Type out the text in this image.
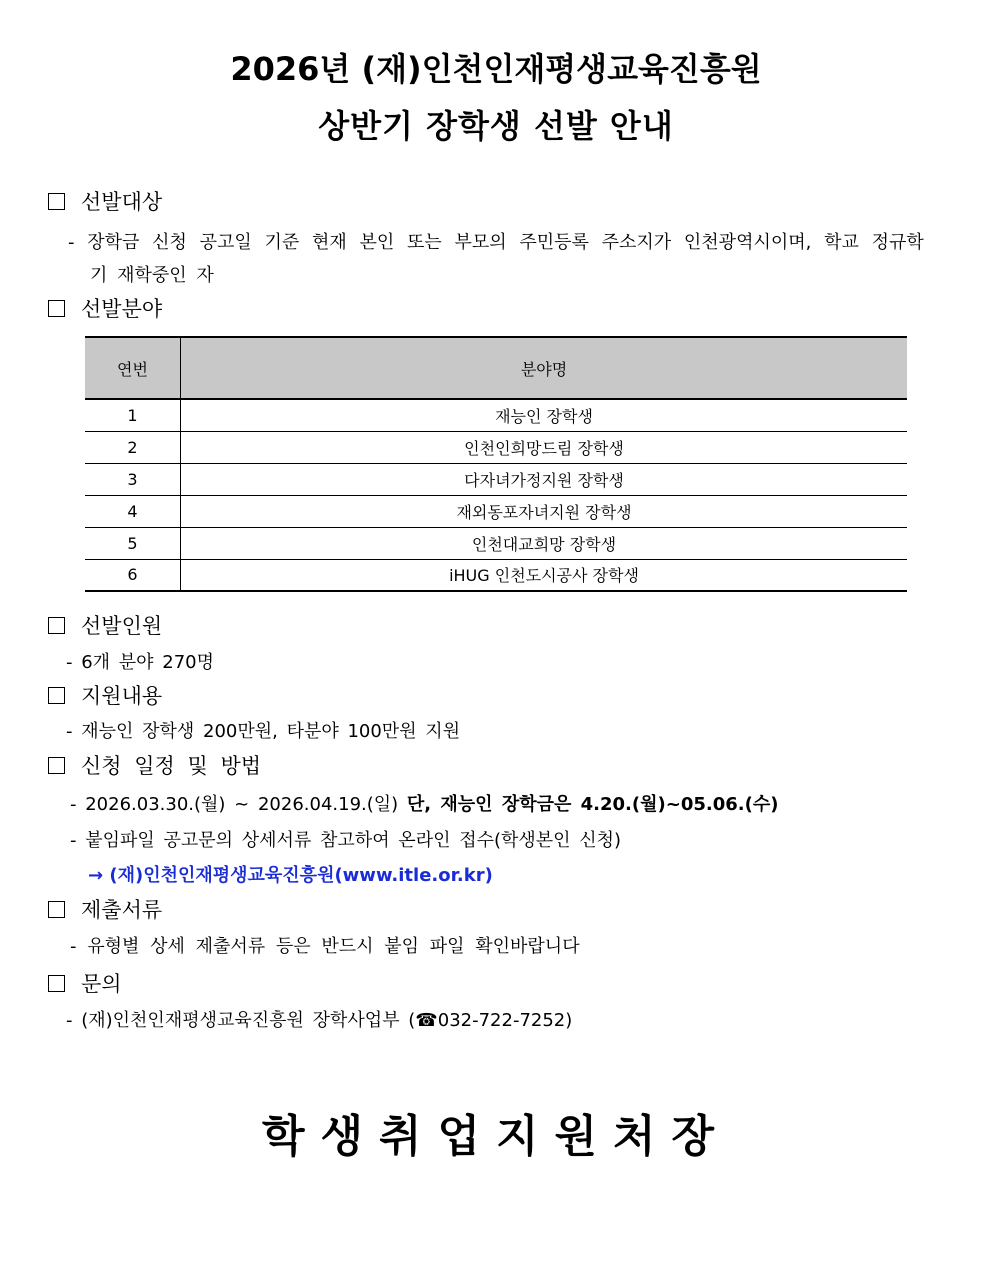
2026년 (재)인천인재평생교육진흥원
상반기 장학생 선발 안내
선발대상
- 장학금 신청 공고일 기준 현재 본인 또는 부모의 주민등록 주소지가 인천광역시이며, 학교 정규학
기 재학중인 자
선발분야
연번	분야명
1	재능인 장학생
2	인천인희망드림 장학생
3	다자녀가정지원 장학생
4	재외동포자녀지원 장학생
5	인천대교희망 장학생
6	iHUG 인천도시공사 장학생
선발인원
- 6개 분야 270명
지원내용
- 재능인 장학생 200만원, 타분야 100만원 지원
신청 일정 및 방법
- 2026.03.30.(월) ~ 2026.04.19.(일) 단, 재능인 장학금은 4.20.(월)~05.06.(수)
- 붙임파일 공고문의 상세서류 참고하여 온라인 접수(학생본인 신청)
→ (재)인천인재평생교육진흥원(www.itle.or.kr)
제출서류
- 유형별 상세 제출서류 등은 반드시 붙임 파일 확인바랍니다
문의
- (재)인천인재평생교육진흥원 장학사업부 (☎032-722-7252)
학생취업지원처장
